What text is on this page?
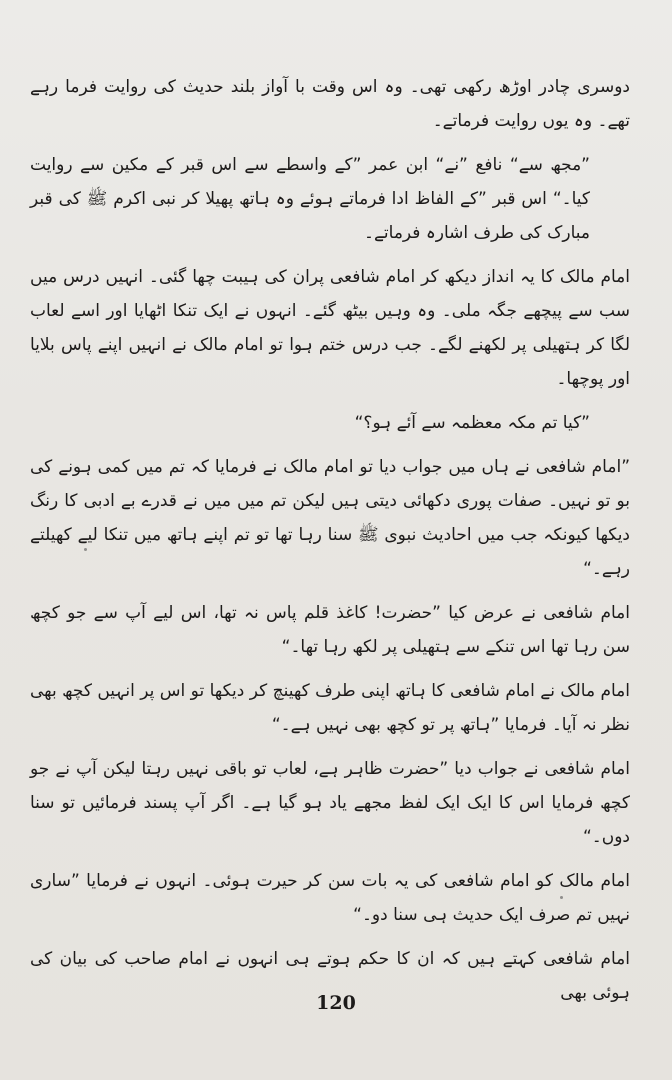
دوسری چادر اوڑھ رکھی تھی۔ وہ اس وقت با آواز بلند حدیث کی روایت فرما رہے تھے۔ وہ یوں روایت فرماتے۔

”مجھ سے“ نافع ”نے“ ابن عمر ”کے واسطے سے اس قبر کے مکین سے روایت کیا۔“ اس قبر ”کے الفاظ ادا فرماتے ہوئے وہ ہاتھ پھیلا کر نبی اکرم ﷺ کی قبر مبارک کی طرف اشارہ فرماتے۔

امام مالک کا یہ انداز دیکھ کر امام شافعی پران کی ہیبت چھا گئی۔ انہیں درس میں سب سے پیچھے جگہ ملی۔ وہ وہیں بیٹھ گئے۔ انہوں نے ایک تنکا اٹھایا اور اسے لعاب لگا کر ہتھیلی پر لکھنے لگے۔ جب درس ختم ہوا تو امام مالک نے انہیں اپنے پاس بلایا اور پوچھا۔

”کیا تم مکہ معظمہ سے آئے ہو؟“

”امام شافعی نے ہاں میں جواب دیا تو امام مالک نے فرمایا کہ تم میں کمی ہونے کی بو تو نہیں۔ صفات پوری دکھائی دیتی ہیں لیکن تم میں میں نے قدرے بے ادبی کا رنگ دیکھا کیونکہ جب میں احادیث نبوی ﷺ سنا رہا تھا تو تم اپنے ہاتھ میں تنکا لیے کھیلتے رہے۔“

امام شافعی نے عرض کیا ”حضرت! کاغذ قلم پاس نہ تھا، اس لیے آپ سے جو کچھ سن رہا تھا اس تنکے سے ہتھیلی پر لکھ رہا تھا۔“

امام مالک نے امام شافعی کا ہاتھ اپنی طرف کھینچ کر دیکھا تو اس پر انہیں کچھ بھی نظر نہ آیا۔ فرمایا ”ہاتھ پر تو کچھ بھی نہیں ہے۔“

امام شافعی نے جواب دیا ”حضرت ظاہر ہے، لعاب تو باقی نہیں رہتا لیکن آپ نے جو کچھ فرمایا اس کا ایک ایک لفظ مجھے یاد ہو گیا ہے۔ اگر آپ پسند فرمائیں تو سنا دوں۔“

امام مالک کو امام شافعی کی یہ بات سن کر حیرت ہوئی۔ انہوں نے فرمایا ”ساری نہیں تم صرف ایک حدیث ہی سنا دو۔“

امام شافعی کہتے ہیں کہ ان کا حکم ہوتے ہی انہوں نے امام صاحب کی بیان کی ہوئی بھی

120
